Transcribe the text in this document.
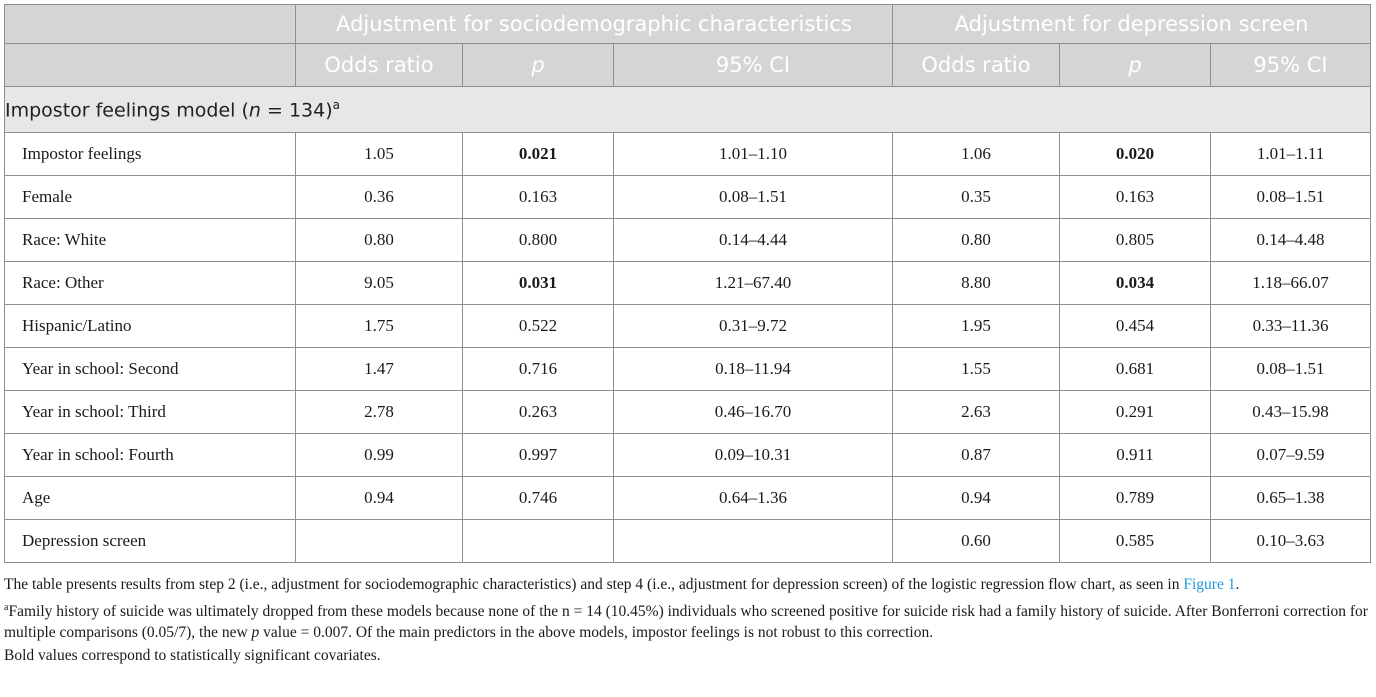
	Adjustment for sociodemographic characteristics			Adjustment for depression screen		
	Odds ratio	p	95% CI	Odds ratio	p	95% CI
Impostor feelings model (n = 134)$^a$
Impostor feelings	1.05	0.021	1.01–1.10	1.06	0.020	1.01–1.11
Female	0.36	0.163	0.08–1.51	0.35	0.163	0.08–1.51
Race: White	0.80	0.800	0.14–4.44	0.80	0.805	0.14–4.48
Race: Other	9.05	0.031	1.21–67.40	8.80	0.034	1.18–66.07
Hispanic/Latino	1.75	0.522	0.31–9.72	1.95	0.454	0.33–11.36
Year in school: Second	1.47	0.716	0.18–11.94	1.55	0.681	0.08–1.51
Year in school: Third	2.78	0.263	0.46–16.70	2.63	0.291	0.43–15.98
Year in school: Fourth	0.99	0.997	0.09–10.31	0.87	0.911	0.07–9.59
Age	0.94	0.746	0.64–1.36	0.94	0.789	0.65–1.38
Depression screen				0.60	0.585	0.10–3.63

The table presents results from step 2 (i.e., adjustment for sociodemographic characteristics) and step 4 (i.e., adjustment for depression screen) of the logistic regression flow chart, as seen in Figure 1.

$^a$Family history of suicide was ultimately dropped from these models because none of the n = 14 (10.45%) individuals who screened positive for suicide risk had a family history of suicide. After Bonferroni correction for multiple comparisons (0.05/7), the new p value = 0.007. Of the main predictors in the above models, impostor feelings is not robust to this correction.

Bold values correspond to statistically significant covariates.
